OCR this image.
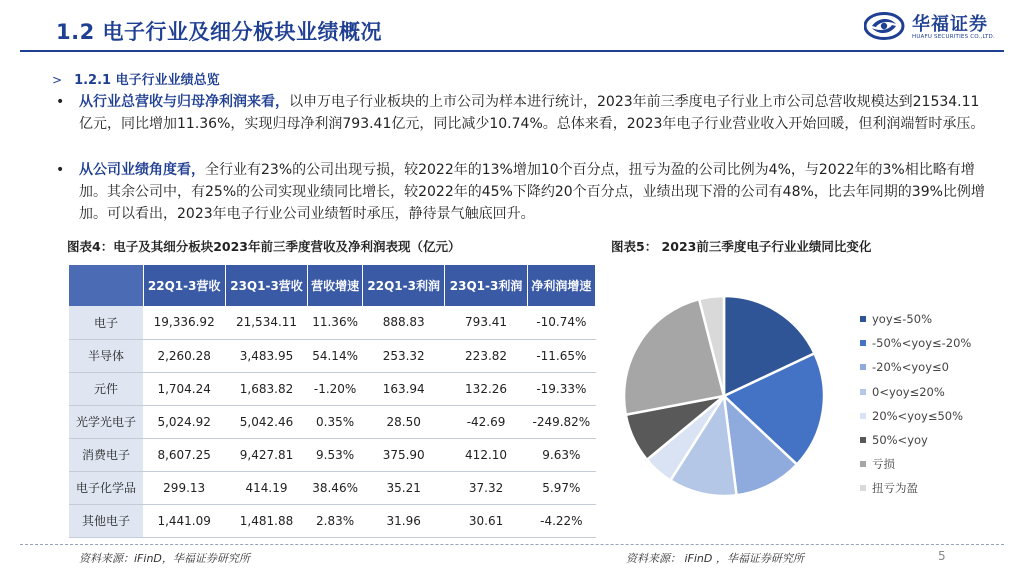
1.2 电子行业及细分板块业绩概况	华福证券
HUAFU SECURITIES CO.,LTD.
> 1.2.1 电子行业业绩总览
•	从行业总营收与归母净利润来看，以申万电子行业板块的上市公司为样本进行统计，2023年前三季度电子行业上市公司总营收规模达到21534.11亿元，同比增加11.36%，实现归母净利润793.41亿元，同比减少10.74%。总体来看，2023年电子行业营业收入开始回暖，但利润端暂时承压。
•	从公司业绩角度看，全行业有23%的公司出现亏损，较2022年的13%增加10个百分点，扭亏为盈的公司比例为4%，与2022年的3%相比略有增加。其余公司中，有25%的公司实现业绩同比增长，较2022年的45%下降约20个百分点，业绩出现下滑的公司有48%，比去年同期的39%比例增加。可以看出，2023年电子行业公司业绩暂时承压，静待景气触底回升。
图表4：电子及其细分板块2023年前三季度营收及净利润表现（亿元）	图表5： 2023前三季度电子行业业绩同比变化
	22Q1-3营收	23Q1-3营收	营收增速	22Q1-3利润	23Q1-3利润	净利润增速
电子	19,336.92	21,534.11	11.36%	888.83	793.41	-10.74%
半导体	2,260.28	3,483.95	54.14%	253.32	223.82	-11.65%
元件	1,704.24	1,683.82	-1.20%	163.94	132.26	-19.33%
光学光电子	5,024.92	5,042.46	0.35%	28.50	-42.69	-249.82%
消费电子	8,607.25	9,427.81	9.53%	375.90	412.10	9.63%
电子化学品	299.13	414.19	38.46%	35.21	37.32	5.97%
其他电子	1,441.09	1,481.88	2.83%	31.96	30.61	-4.22%
yoy≤-50%
-50%<yoy≤-20%
-20%<yoy≤0
0<yoy≤20%
20%<yoy≤50%
50%<yoy
亏损
扭亏为盈
资料来源：iFinD，华福证券研究所	资料来源： iFinD ，华福证券研究所	5
